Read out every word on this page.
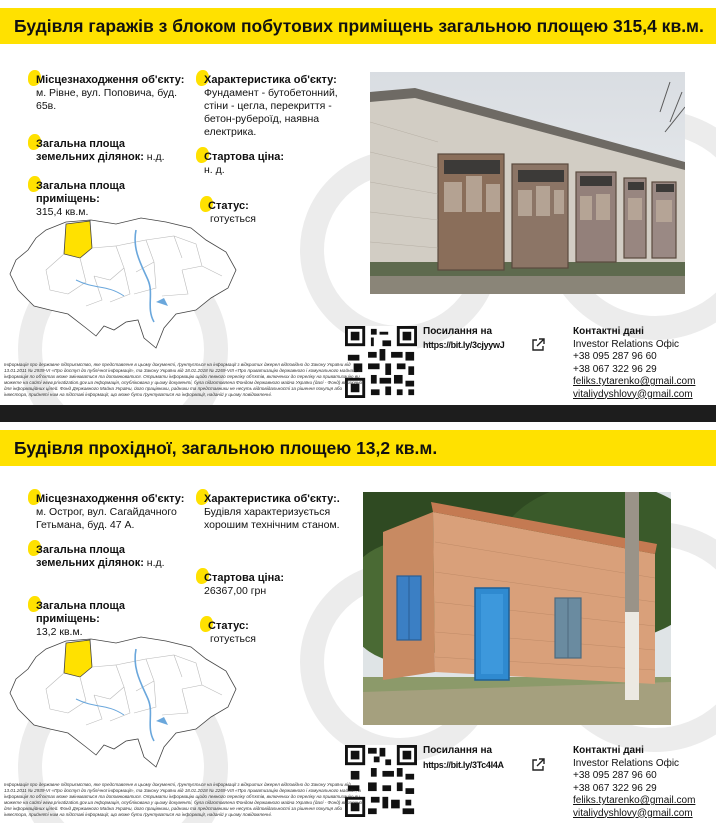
Будівля гаражів з блоком побутових приміщень загальною площею 315,4 кв.м.
Місцезнаходження об'єкту:
м. Рівне, вул. Поповича, буд. 65в.
Загальна площа земельних ділянок: н.д.
Загальна площа приміщень:
315,4 кв.м.
Характеристика об'єкту:
Фундамент - бутобетонний, стіни - цегла, перекриття - бетон-рубероїд, наявна електрика.
Стартова ціна:
н. д.
Статус:
готується
Посилання на
https://bit.ly/3cjyywJ
Контактні дані
Investor Relations Офіс
+38 095 287 96 60
+38 067 322 96 29
feliks.tytarenko@gmail.com
vitaliydyshlovy@gmail.com
Інформація про державне підприємство, яке представлене в цьому документі, ґрунтується на інформації з відкритих джерел відповідно до Закону України від 13.01.2011 № 2939-VI «Про доступ до публічної інформації», та Закону України від 18.01.2018 № 2269-VIII «Про приватизацію державного і комунального майна», а інформація по об'єктах може змінюватися та доповнюватися. Отримати інформацію щодо певного переліку об'єктів, включених до переліку на приватизацію ви можете на сайті www.privatization.gov.ua Інформація, опублікована у цьому документі, була підготовлена Фондом державного майна України (далі - Фонд) виключно для інформаційних цілей. Фонд Державного Майна України, його працівники, радники та представники не несуть відповідальності за рішення покупця або інвестора, прийняті ним на підставі інформації, що може бути ґрунтуватися на інформації, наданій у цьому повідомленні.
Будівля прохідної, загальною площею 13,2 кв.м.
Місцезнаходження об'єкту:
м. Острог, вул. Сагайдачного Гетьмана, буд. 47 А.
Загальна площа земельних ділянок: н.д.
Загальна площа приміщень:
13,2 кв.м.
Характеристика об'єкту:.
Будівля характеризується хорошим технічним станом.
Стартова ціна:
26367,00 грн
Статус:
готується
Посилання на
https://bit.ly/3Tc4I4A
Контактні дані
Investor Relations Офіс
+38 095 287 96 60
+38 067 322 96 29
feliks.tytarenko@gmail.com
vitaliydyshlovy@gmail.com
Інформація про державне підприємство, яке представлене в цьому документі, ґрунтується на інформації з відкритих джерел відповідно до Закону України від 13.01.2011 № 2939-VI «Про доступ до публічної інформації», та Закону України від 18.01.2018 № 2269-VIII «Про приватизацію державного і комунального майна», а інформація по об'єктах може змінюватися та доповнюватися. Отримати інформацію щодо певного переліку об'єктів, включених до переліку на приватизацію ви можете на сайті www.privatization.gov.ua Інформація, опублікована у цьому документі, була підготовлена Фондом державного майна України (далі - Фонд) виключно для інформаційних цілей. Фонд Державного Майна України, його працівники, радники та представники не несуть відповідальності за рішення покупця або інвестора, прийняті ним на підставі інформації, що може бути ґрунтуватися на інформації, наданій у цьому повідомленні.
